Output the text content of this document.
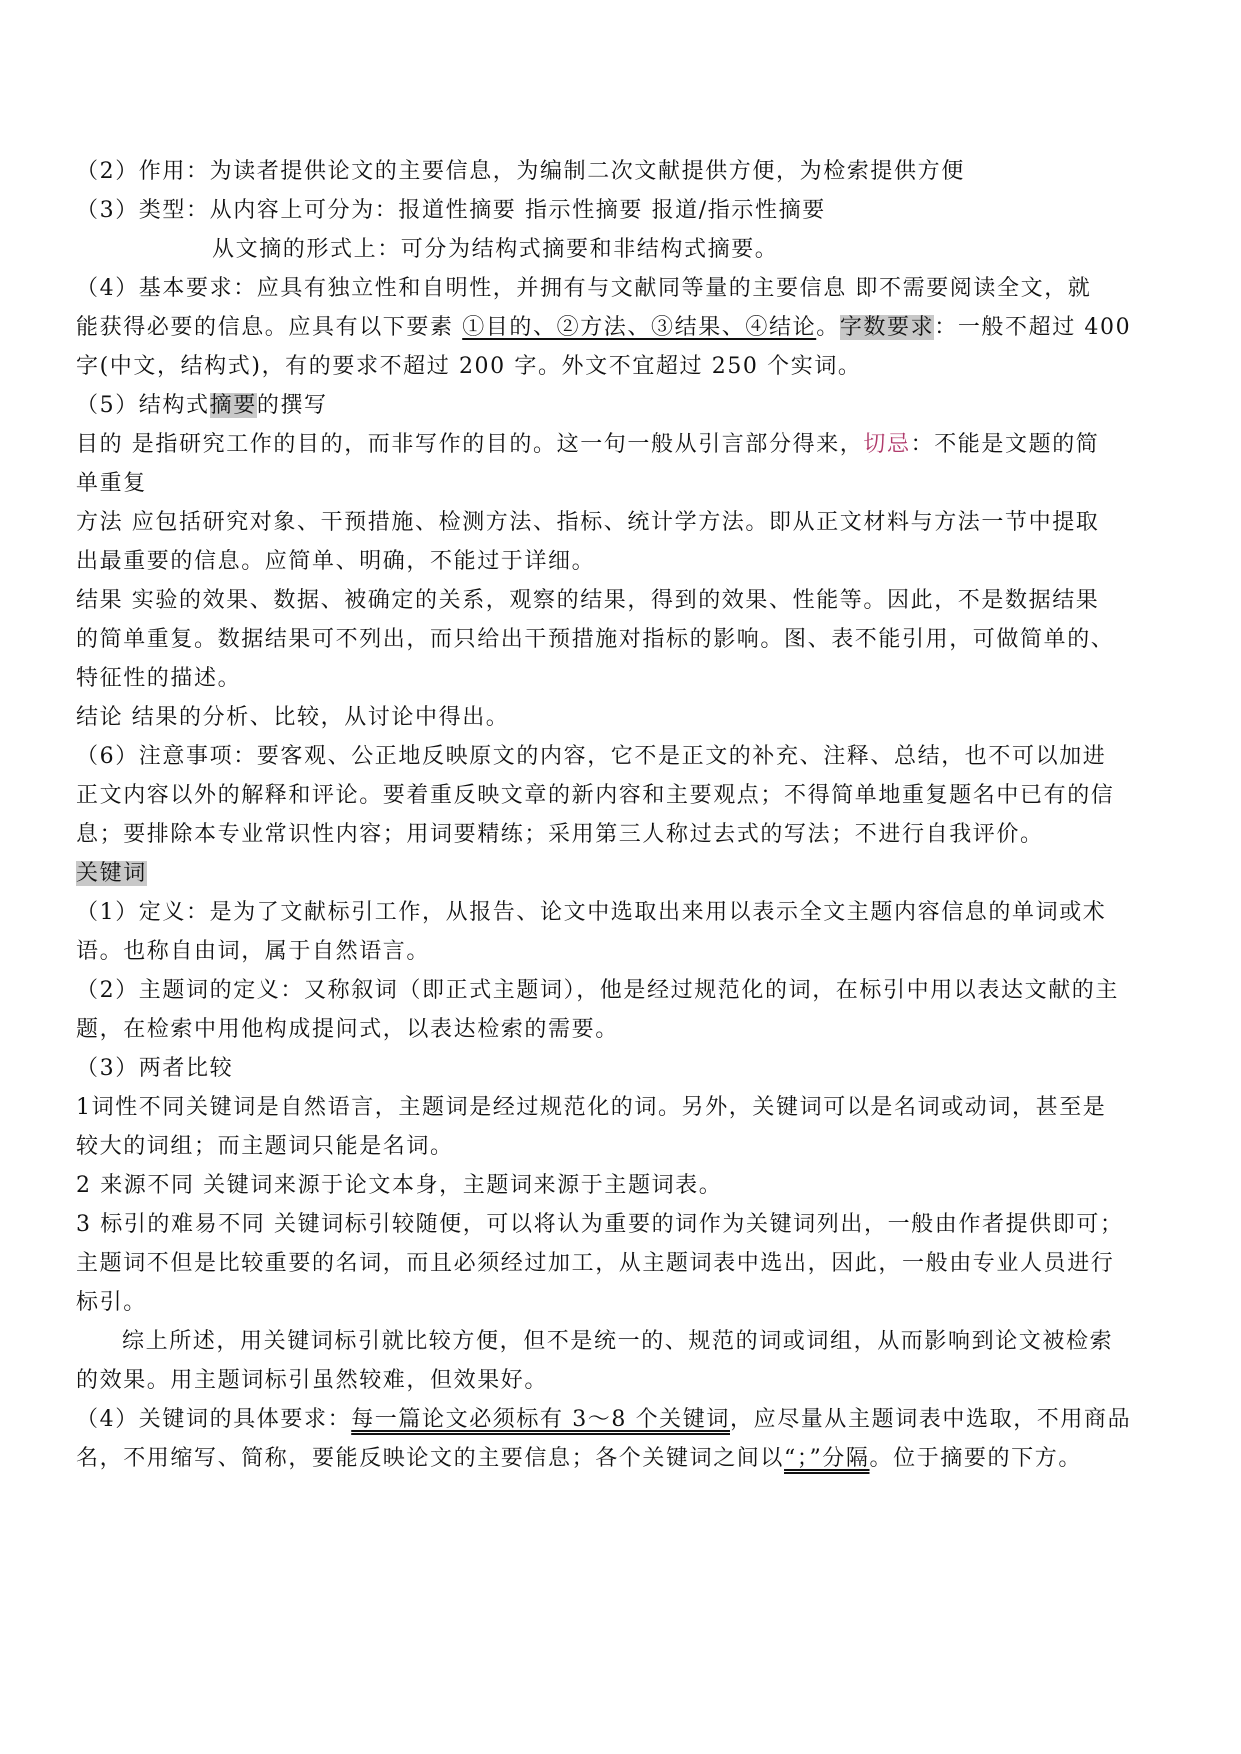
（2）作用：为读者提供论文的主要信息，为编制二次文献提供方便，为检索提供方便
（3）类型：从内容上可分为：报道性摘要 指示性摘要 报道/指示性摘要
从文摘的形式上：可分为结构式摘要和非结构式摘要。
（4）基本要求：应具有独立性和自明性，并拥有与文献同等量的主要信息 即不需要阅读全文，就
能获得必要的信息。应具有以下要素 ①目的、②方法、③结果、④结论。字数要求：一般不超过 400
字(中文，结构式)，有的要求不超过 200 字。外文不宜超过 250 个实词。
（5）结构式摘要的撰写
目的 是指研究工作的目的，而非写作的目的。这一句一般从引言部分得来，切忌：不能是文题的简
单重复
方法 应包括研究对象、干预措施、检测方法、指标、统计学方法。即从正文材料与方法一节中提取
出最重要的信息。应简单、明确，不能过于详细。
结果 实验的效果、数据、被确定的关系，观察的结果，得到的效果、性能等。因此，不是数据结果
的简单重复。数据结果可不列出，而只给出干预措施对指标的影响。图、表不能引用，可做简单的、
特征性的描述。
结论 结果的分析、比较，从讨论中得出。
（6）注意事项：要客观、公正地反映原文的内容，它不是正文的补充、注释、总结，也不可以加进
正文内容以外的解释和评论。要着重反映文章的新内容和主要观点；不得简单地重复题名中已有的信
息；要排除本专业常识性内容；用词要精练；采用第三人称过去式的写法；不进行自我评价。
关键词
（1）定义：是为了文献标引工作，从报告、论文中选取出来用以表示全文主题内容信息的单词或术
语。也称自由词，属于自然语言。
（2）主题词的定义：又称叙词（即正式主题词），他是经过规范化的词，在标引中用以表达文献的主
题，在检索中用他构成提问式，以表达检索的需要。
（3）两者比较
1词性不同关键词是自然语言，主题词是经过规范化的词。另外，关键词可以是名词或动词，甚至是
较大的词组；而主题词只能是名词。
2 来源不同 关键词来源于论文本身，主题词来源于主题词表。
3 标引的难易不同 关键词标引较随便，可以将认为重要的词作为关键词列出，一般由作者提供即可；
主题词不但是比较重要的名词，而且必须经过加工，从主题词表中选出，因此，一般由专业人员进行
标引。
综上所述，用关键词标引就比较方便，但不是统一的、规范的词或词组，从而影响到论文被检索
的效果。用主题词标引虽然较难，但效果好。
（4）关键词的具体要求：每一篇论文必须标有 3～8 个关键词，应尽量从主题词表中选取，不用商品
名，不用缩写、简称，要能反映论文的主要信息；各个关键词之间以“；”分隔。位于摘要的下方。
